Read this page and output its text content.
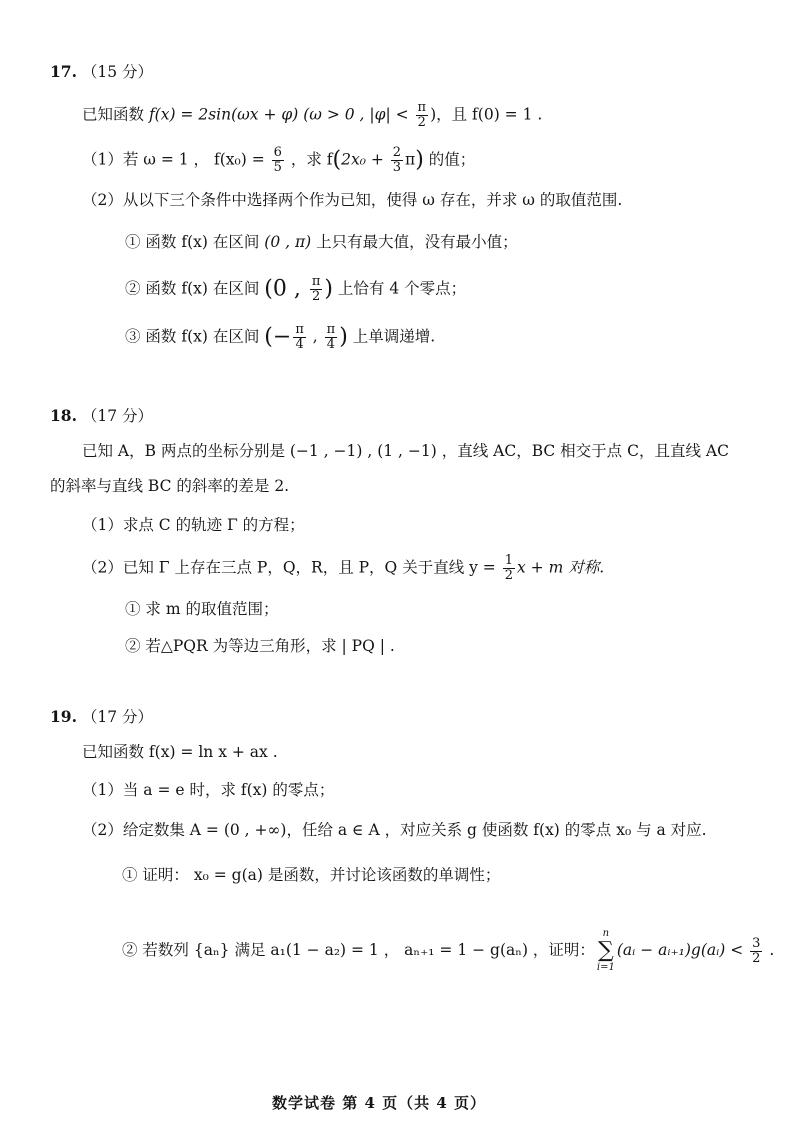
17. （15 分）
已知函数 f(x) = 2sin(ωx + φ) (ω > 0 , $|\varphi| < \frac{\pi}{2}$ )，且 f(0) = 1 .
（1）若 ω = 1 ， $f(x_0) = \frac{6}{5}$ ，求 $f(2x_0 + \frac{2}{3} \pi)$ 的值；
（2）从以下三个条件中选择两个作为已知，使得 ω 存在，并求 ω 的取值范围.
① 函数 f(x) 在区间 (0 , π) 上只有最大值，没有最小值；
② 函数 f(x) 在区间 (0 , $\frac{\pi}{2}$ ) 上恰有 4 个零点；
③ 函数 f(x) 在区间 (− $\frac{\pi}{4}$ , $\frac{\pi}{4}$ ) 上单调递增.
18. （17 分）
已知 A，B 两点的坐标分别是 (−1 , −1) , (1 , −1) ，直线 AC，BC 相交于点 C，且直线 AC
的斜率与直线 BC 的斜率的差是 2.
（1）求点 C 的轨迹 Γ 的方程；
（2）已知 Γ 上存在三点 P，Q，R，且 P，Q 关于直线 $y = \frac{1}{2}$ x + m 对称.
① 求 m 的取值范围；
② 若△PQR 为等边三角形，求 | PQ | .
19. （17 分）
已知函数 f(x) = ln x + ax .
（1）当 a = e 时，求 f(x) 的零点；
（2）给定数集 A = (0 , +∞)，任给 a ∈ A ，对应关系 g 使函数 f(x) 的零点 x₀ 与 a 对应.
① 证明： x₀ = g(a) 是函数，并讨论该函数的单调性；
② 若数列 {aₙ} 满足 a₁(1 − a₂) = 1 ， aₙ₊₁ = 1 − g(aₙ) ，证明：
n
∑
i=1
(aᵢ − aᵢ₊₁)g(aᵢ) < $\frac{3}{2}$ .
数学试卷 第 4 页（共 4 页）
